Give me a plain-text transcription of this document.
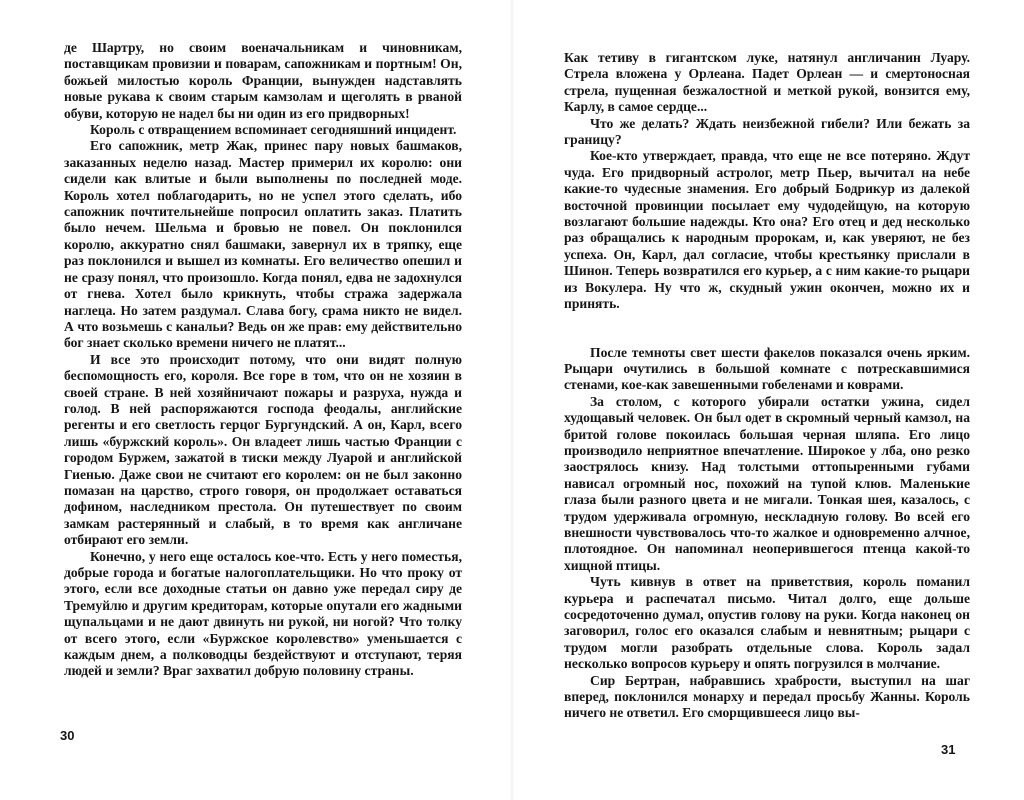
де Шартру, но своим военачальникам и чиновникам, поставщикам провизии и поварам, сапожникам и портным! Он, божьей милостью король Франции, вынужден надставлять новые рукава к своим старым камзолам и щеголять в рваной обуви, которую не надел бы ни один из его придворных!

Король с отвращением вспоминает сегодняшний инцидент.

Его сапожник, метр Жак, принес пару новых башмаков, заказанных неделю назад. Мастер примерил их королю: они сидели как влитые и были выполнены по последней моде. Король хотел поблагодарить, но не успел этого сделать, ибо сапожник почтительнейше попросил оплатить заказ. Платить было нечем. Шельма и бровью не повел. Он поклонился королю, аккуратно снял башмаки, завернул их в тряпку, еще раз поклонился и вышел из комнаты. Его величество опешил и не сразу понял, что произошло. Когда понял, едва не задохнулся от гнева. Хотел было крикнуть, чтобы стража задержала наглеца. Но затем раздумал. Слава богу, срама никто не видел. А что возьмешь с канальи? Ведь он же прав: ему действительно бог знает сколько времени ничего не платят...

И все это происходит потому, что они видят полную беспомощность его, короля. Все горе в том, что он не хозяин в своей стране. В ней хозяйничают пожары и разруха, нужда и голод. В ней распоряжаются господа феодалы, английские регенты и его светлость герцог Бургундский. А он, Карл, всего лишь «буржский король». Он владеет лишь частью Франции с городом Буржем, зажатой в тиски между Луарой и английской Гиенью. Даже свои не считают его королем: он не был законно помазан на царство, строго говоря, он продолжает оставаться дофином, наследником престола. Он путешествует по своим замкам растерянный и слабый, в то время как англичане отбирают его земли.

Конечно, у него еще осталось кое-что. Есть у него поместья, добрые города и богатые налогоплательщики. Но что проку от этого, если все доходные статьи он давно уже передал сиру де Тремуйлю и другим кредиторам, которые опутали его жадными щупальцами и не дают двинуть ни рукой, ни ногой? Что толку от всего этого, если «Буржское королевство» уменьшается с каждым днем, а полководцы бездействуют и отступают, теряя людей и земли? Враг захватил добрую половину страны.

30

Как тетиву в гигантском луке, натянул англичанин Луару. Стрела вложена у Орлеана. Падет Орлеан — и смертоносная стрела, пущенная безжалостной и меткой рукой, вонзится ему, Карлу, в самое сердце...

Что же делать? Ждать неизбежной гибели? Или бежать за границу?

Кое-кто утверждает, правда, что еще не все потеряно. Ждут чуда. Его придворный астролог, метр Пьер, вычитал на небе какие-то чудесные знамения. Его добрый Бодрикур из далекой восточной провинции посылает ему чудодейщую, на которую возлагают большие надежды. Кто она? Его отец и дед несколько раз обращались к народным пророкам, и, как уверяют, не без успеха. Он, Карл, дал согласие, чтобы крестьянку прислали в Шинон. Теперь возвратился его курьер, а с ним какие-то рыцари из Вокулера. Ну что ж, скудный ужин окончен, можно их и принять.

После темноты свет шести факелов показался очень ярким. Рыцари очутились в большой комнате с потрескавшимися стенами, кое-как завешенными гобеленами и коврами.

За столом, с которого убирали остатки ужина, сидел худощавый человек. Он был одет в скромный черный камзол, на бритой голове покоилась большая черная шляпа. Его лицо производило неприятное впечатление. Широкое у лба, оно резко заострялось книзу. Над толстыми оттопыренными губами нависал огромный нос, похожий на тупой клюв. Маленькие глаза были разного цвета и не мигали. Тонкая шея, казалось, с трудом удерживала огромную, нескладную голову. Во всей его внешности чувствовалось что-то жалкое и одновременно алчное, плотоядное. Он напоминал неоперившегося птенца какой-то хищной птицы.

Чуть кивнув в ответ на приветствия, король поманил курьера и распечатал письмо. Читал долго, еще дольше сосредоточенно думал, опустив голову на руки. Когда наконец он заговорил, голос его оказался слабым и невнятным; рыцари с трудом могли разобрать отдельные слова. Король задал несколько вопросов курьеру и опять погрузился в молчание.

Сир Бертран, набравшись храбрости, выступил на шаг вперед, поклонился монарху и передал просьбу Жанны. Король ничего не ответил. Его сморщившееся лицо вы-

31
